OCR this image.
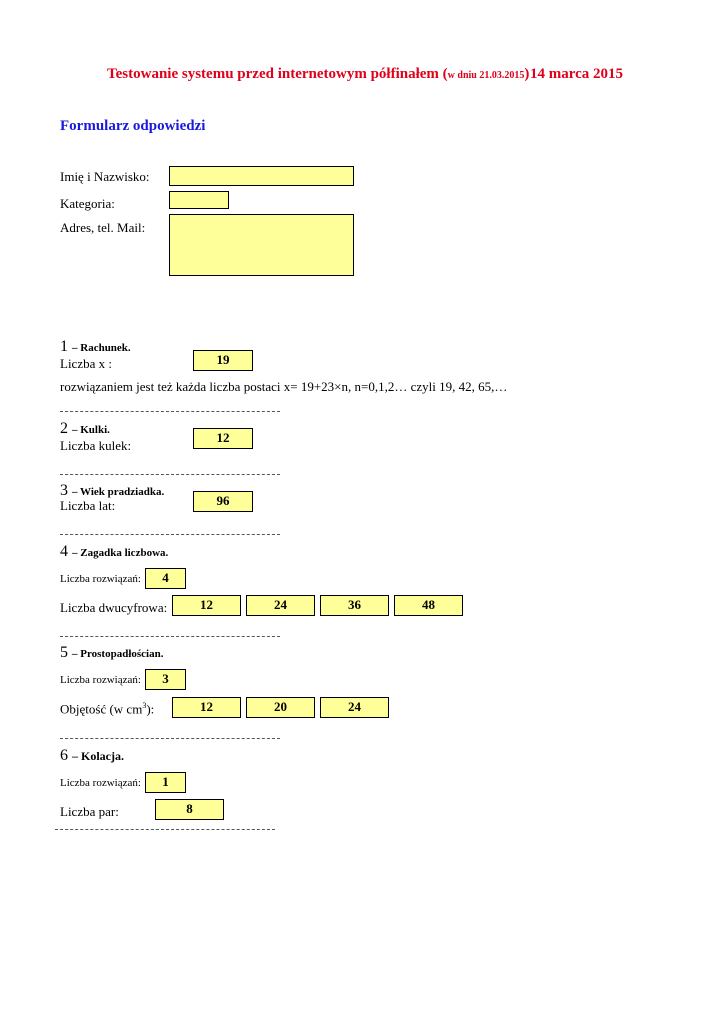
Testowanie systemu przed internetowym półfinałem (w dniu 21.03.2015) 14 marca 2015
Formularz odpowiedzi
Imię i Nazwisko:
Kategoria:
Adres, tel. Mail:
1 – Rachunek.
Liczba x :	19
rozwiązaniem jest też każda liczba postaci x= 19+23×n, n=0,1,2… czyli 19, 42, 65,…
2 – Kulki.
Liczba kulek:
12
3 – Wiek pradziadka.
Liczba lat:	96
4 – Zagadka liczbowa.
Liczba rozwiązań:	4
Liczba dwucyfrowa:	12	24	36	48
5 – Prostopadłościan.
Liczba rozwiązań:	3
Objętość (w $cm^3$):	12	20	24
6 – Kolacja.
Liczba rozwiązań:	1
Liczba par:	8
